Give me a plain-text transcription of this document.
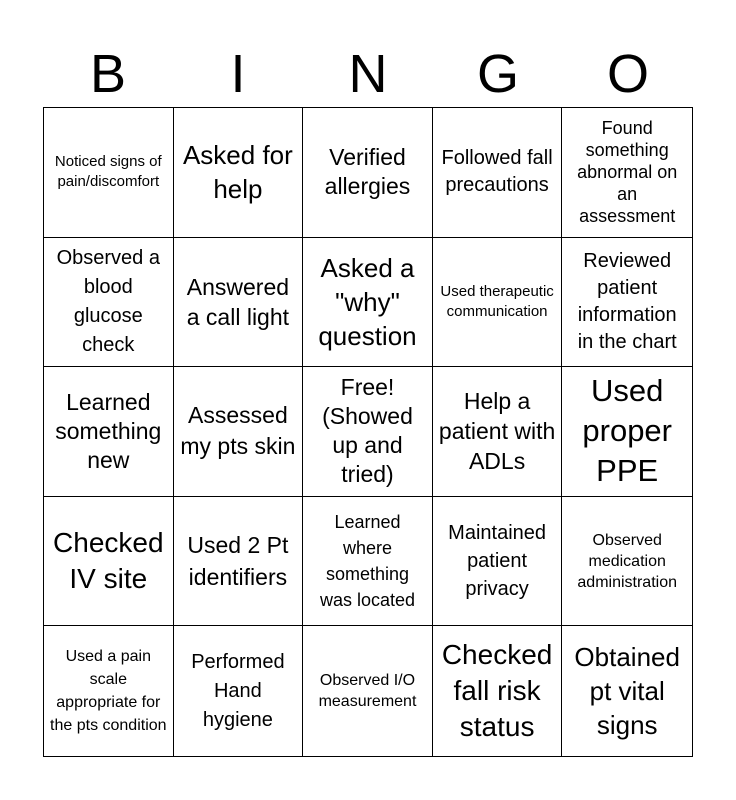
B	I	N	G	O
Noticed signs of pain/discomfort
Asked for help
Verified allergies
Followed fall precautions
Found something abnormal on an assessment
Observed a blood glucose check
Answered a call light
Asked a "why" question
Used therapeutic communication
Reviewed patient information in the chart
Learned something new
Assessed my pts skin
Free! (Showed up and tried)
Help a patient with ADLs
Used proper PPE
Checked IV site
Used 2 Pt identifiers
Learned where something was located
Maintained patient privacy
Observed medication administration
Used a pain scale appropriate for the pts condition
Performed Hand hygiene
Observed I/O measurement
Checked fall risk status
Obtained pt vital signs
